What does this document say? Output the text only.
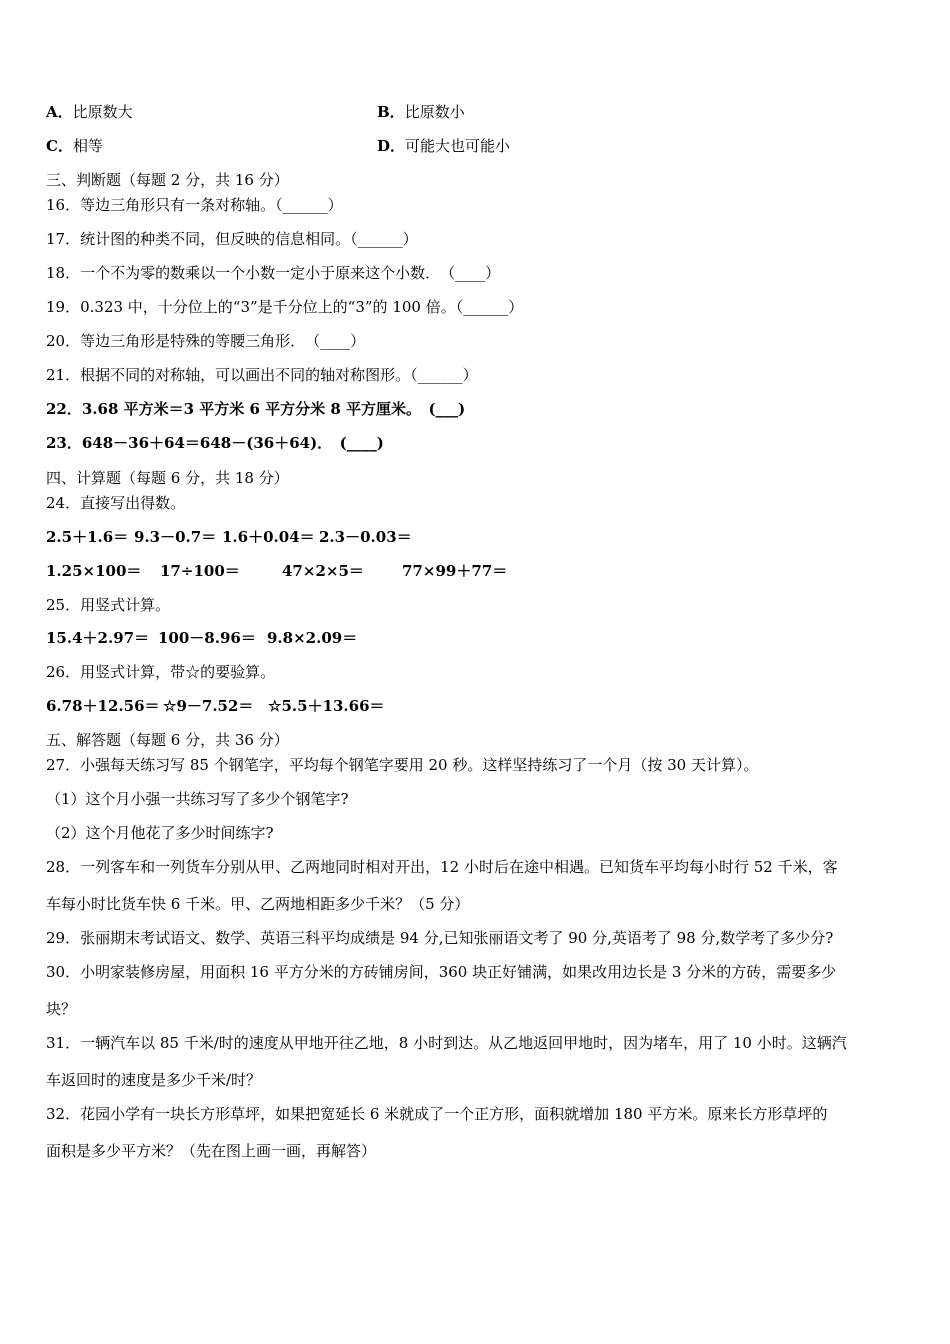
A．比原数大	B．比原数小
C．相等	D．可能大也可能小
三、判断题（每题 2 分，共 16 分）
16．等边三角形只有一条对称轴。（______）
17．统计图的种类不同，但反映的信息相同。（______）
18．一个不为零的数乘以一个小数一定小于原来这个小数．　（____）
19．0.323 中，十分位上的“3”是千分位上的“3”的 100 倍。（______）
20．等边三角形是特殊的等腰三角形．　（____）
21．根据不同的对称轴，可以画出不同的轴对称图形。（______）
22．3.68 平方米＝3 平方米 6 平方分米 8 平方厘米。　(___)
23．648－36＋64＝648－(36＋64)．　(____)
四、计算题（每题 6 分，共 18 分）
24．直接写出得数。
2.5＋1.6＝ 9.3－0.7＝ 1.6＋0.04＝ 2.3－0.03＝
1.25×100＝ 17÷100＝	47×2×5＝	77×99＋77＝
25．用竖式计算。
15.4＋2.97＝ 100－8.96＝ 9.8×2.09＝
26．用竖式计算，带☆的要验算。
6.78＋12.56＝ ☆9－7.52＝ ☆5.5＋13.66＝
五、解答题（每题 6 分，共 36 分）
27．小强每天练习写 85 个钢笔字，平均每个钢笔字要用 20 秒。这样坚持练习了一个月（按 30 天计算）。
（1）这个月小强一共练习写了多少个钢笔字?
（2）这个月他花了多少时间练字?
28．一列客车和一列货车分别从甲、乙两地同时相对开出，12 小时后在途中相遇。已知货车平均每小时行 52 千米，客
车每小时比货车快 6 千米。甲、乙两地相距多少千米？（5 分）
29．张丽期末考试语文、数学、英语三科平均成绩是 94 分,已知张丽语文考了 90 分,英语考了 98 分,数学考了多少分?
30．小明家装修房屋，用面积 16 平方分米的方砖铺房间，360 块正好铺满，如果改用边长是 3 分米的方砖，需要多少
块？
31．一辆汽车以 85 千米/时的速度从甲地开往乙地，8 小时到达。从乙地返回甲地时，因为堵车，用了 10 小时。这辆汽
车返回时的速度是多少千米/时？
32．花园小学有一块长方形草坪，如果把宽延长 6 米就成了一个正方形，面积就增加 180 平方米。原来长方形草坪的
面积是多少平方米？（先在图上画一画，再解答）
